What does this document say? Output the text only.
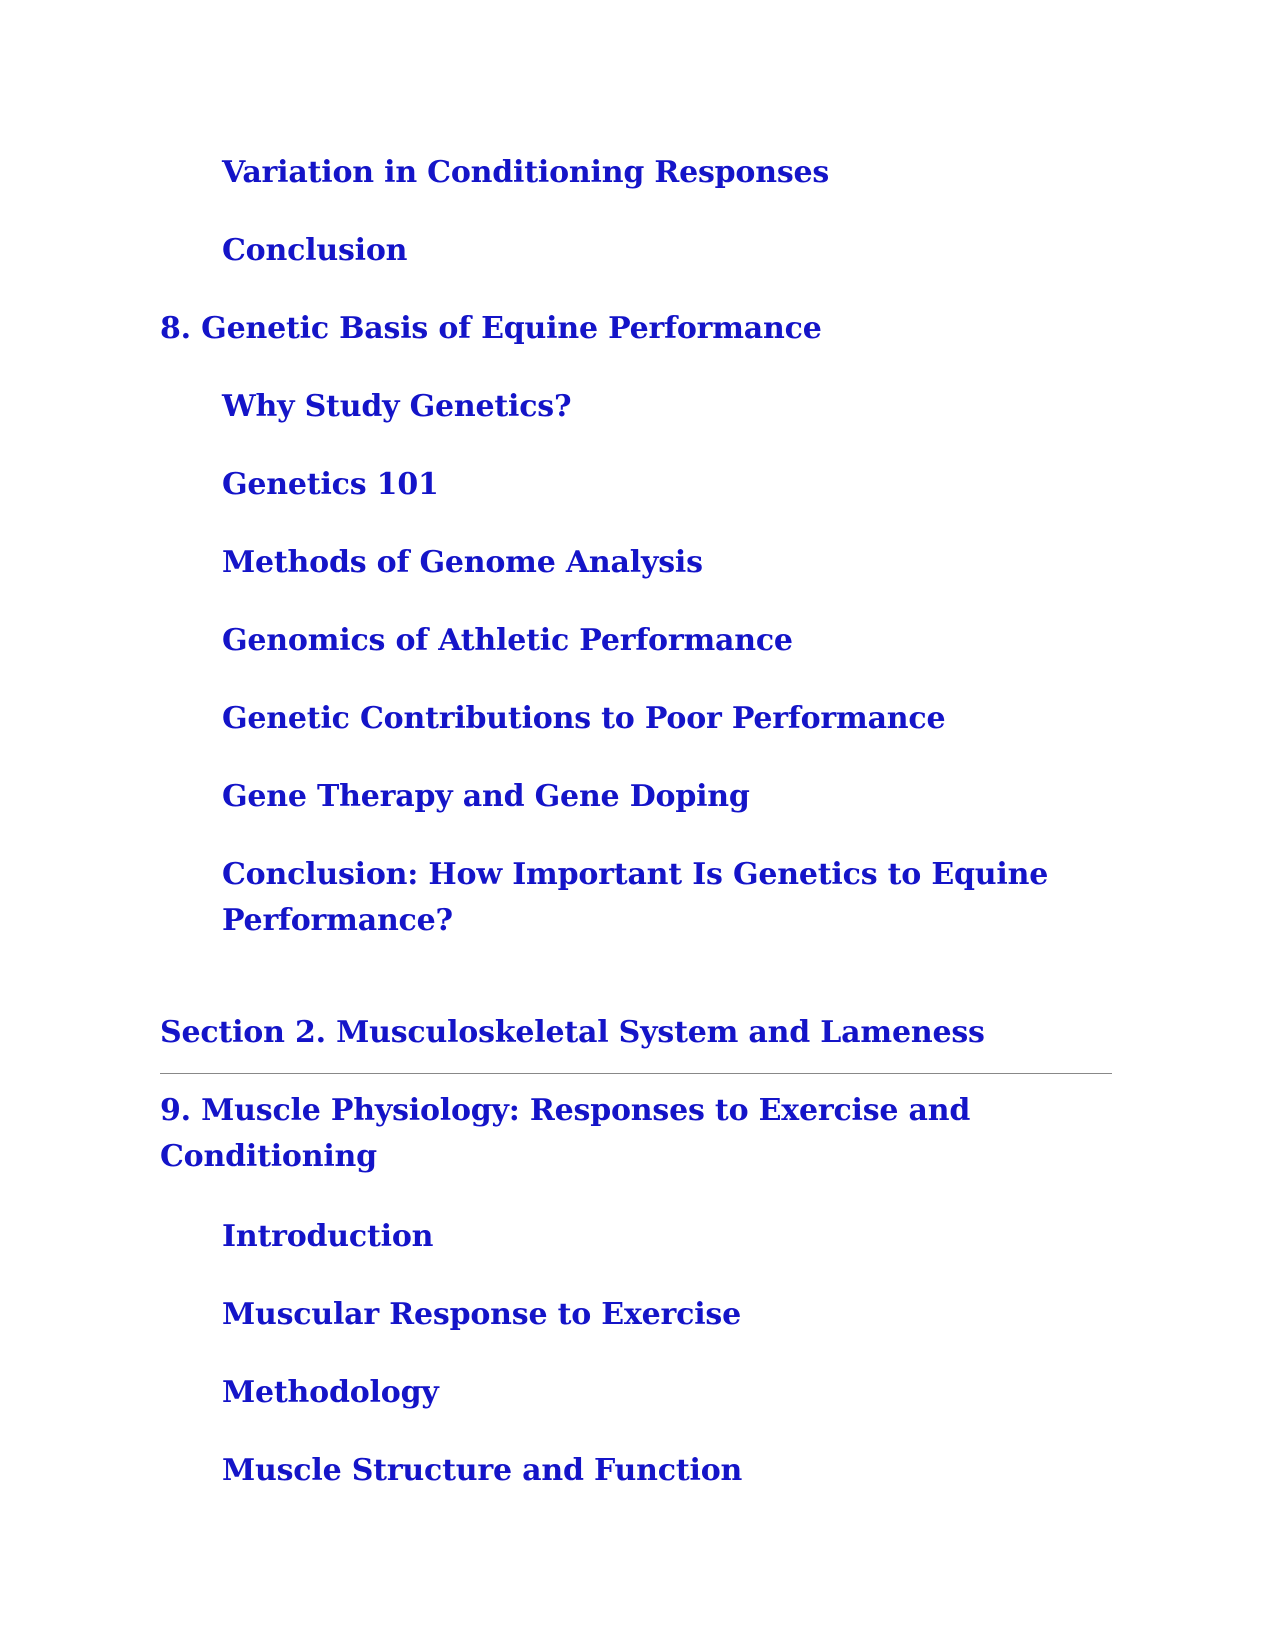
Variation in Conditioning Responses
Conclusion
8. Genetic Basis of Equine Performance
Why Study Genetics?
Genetics 101
Methods of Genome Analysis
Genomics of Athletic Performance
Genetic Contributions to Poor Performance
Gene Therapy and Gene Doping
Conclusion: How Important Is Genetics to Equine Performance?
Section 2. Musculoskeletal System and Lameness
9. Muscle Physiology: Responses to Exercise and Conditioning
Introduction
Muscular Response to Exercise
Methodology
Muscle Structure and Function
